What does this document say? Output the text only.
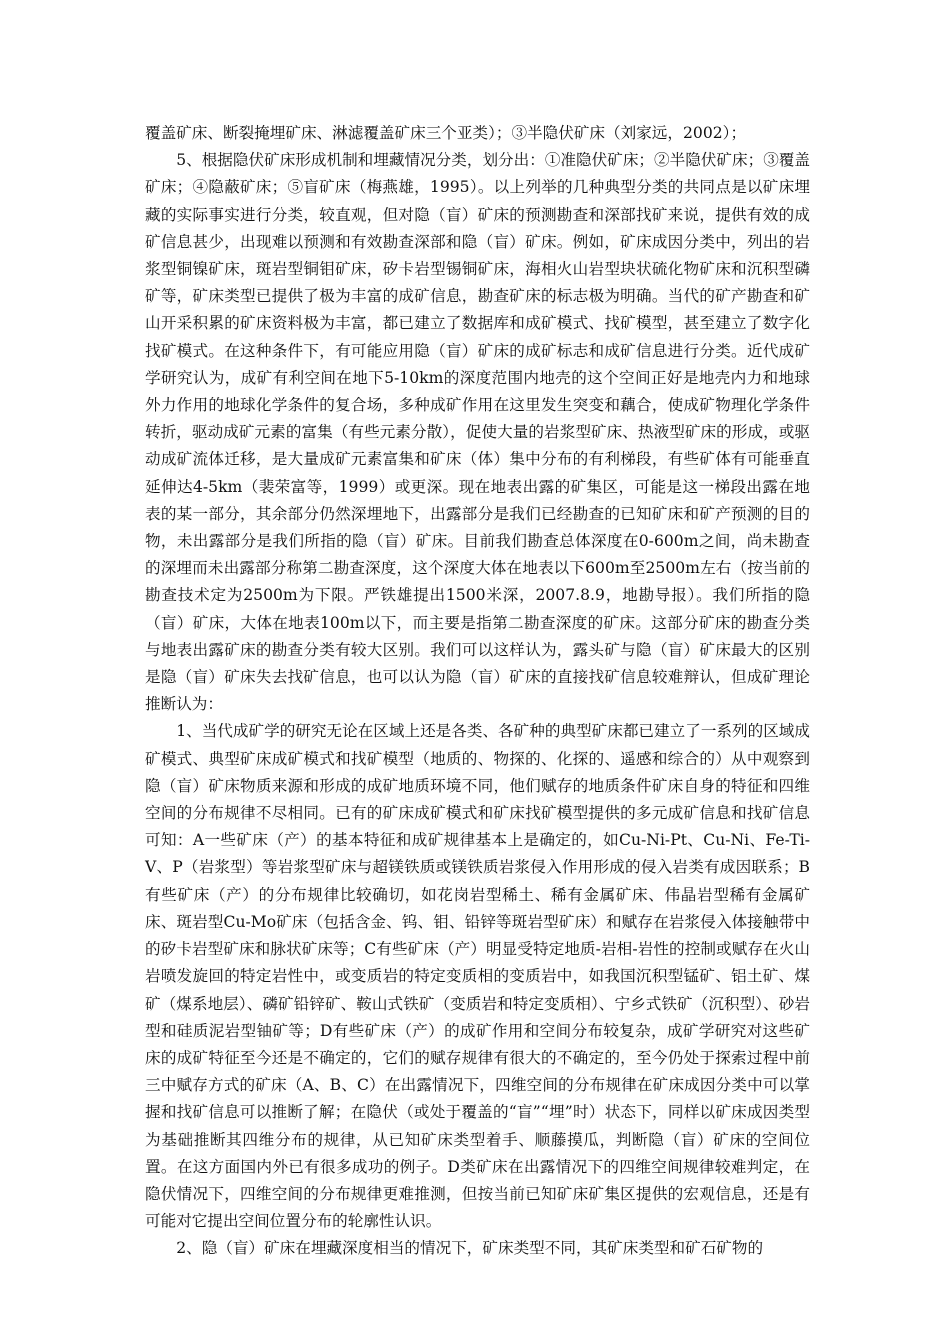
覆盖矿床、断裂掩埋矿床、淋滤覆盖矿床三个亚类）；③半隐伏矿床（刘家远，2002）；

5、根据隐伏矿床形成机制和埋藏情况分类，划分出：①准隐伏矿床；②半隐伏矿床；③覆盖矿床；④隐蔽矿床；⑤盲矿床（梅燕雄，1995）。以上列举的几种典型分类的共同点是以矿床埋藏的实际事实进行分类，较直观，但对隐（盲）矿床的预测勘查和深部找矿来说，提供有效的成矿信息甚少，出现难以预测和有效勘查深部和隐（盲）矿床。例如，矿床成因分类中，列出的岩浆型铜镍矿床，斑岩型铜钼矿床，矽卡岩型锡铜矿床，海相火山岩型块状硫化物矿床和沉积型磷矿等，矿床类型已提供了极为丰富的成矿信息，勘查矿床的标志极为明确。当代的矿产勘查和矿山开采积累的矿床资料极为丰富，都已建立了数据库和成矿模式、找矿模型，甚至建立了数字化找矿模式。在这种条件下，有可能应用隐（盲）矿床的成矿标志和成矿信息进行分类。近代成矿学研究认为，成矿有利空间在地下5-10km的深度范围内地壳的这个空间正好是地壳内力和地球外力作用的地球化学条件的复合场，多种成矿作用在这里发生突变和藕合，使成矿物理化学条件转折，驱动成矿元素的富集（有些元素分散），促使大量的岩浆型矿床、热液型矿床的形成，或驱动成矿流体迁移，是大量成矿元素富集和矿床（体）集中分布的有利梯段，有些矿体有可能垂直延伸达4-5km（裴荣富等，1999）或更深。现在地表出露的矿集区，可能是这一梯段出露在地表的某一部分，其余部分仍然深埋地下，出露部分是我们已经勘查的已知矿床和矿产预测的目的物，未出露部分是我们所指的隐（盲）矿床。目前我们勘查总体深度在0-600m之间，尚未勘查的深埋而未出露部分称第二勘查深度，这个深度大体在地表以下600m至2500m左右（按当前的勘查技术定为2500m为下限。严铁雄提出1500米深，2007.8.9，地勘导报）。我们所指的隐（盲）矿床，大体在地表100m以下，而主要是指第二勘查深度的矿床。这部分矿床的勘查分类与地表出露矿床的勘查分类有较大区别。我们可以这样认为，露头矿与隐（盲）矿床最大的区别是隐（盲）矿床失去找矿信息，也可以认为隐（盲）矿床的直接找矿信息较难辩认，但成矿理论推断认为：

1、当代成矿学的研究无论在区域上还是各类、各矿种的典型矿床都已建立了一系列的区域成矿模式、典型矿床成矿模式和找矿模型（地质的、物探的、化探的、遥感和综合的）从中观察到隐（盲）矿床物质来源和形成的成矿地质环境不同，他们赋存的地质条件矿床自身的特征和四维空间的分布规律不尽相同。已有的矿床成矿模式和矿床找矿模型提供的多元成矿信息和找矿信息可知：A一些矿床（产）的基本特征和成矿规律基本上是确定的，如Cu-Ni-Pt、Cu-Ni、Fe-Ti-V、P（岩浆型）等岩浆型矿床与超镁铁质或镁铁质岩浆侵入作用形成的侵入岩类有成因联系；B有些矿床（产）的分布规律比较确切，如花岗岩型稀土、稀有金属矿床、伟晶岩型稀有金属矿床、斑岩型Cu-Mo矿床（包括含金、钨、钼、铅锌等斑岩型矿床）和赋存在岩浆侵入体接触带中的矽卡岩型矿床和脉状矿床等；C有些矿床（产）明显受特定地质-岩相-岩性的控制或赋存在火山岩喷发旋回的特定岩性中，或变质岩的特定变质相的变质岩中，如我国沉积型锰矿、铝土矿、煤矿（煤系地层）、磷矿铅锌矿、鞍山式铁矿（变质岩和特定变质相）、宁乡式铁矿（沉积型）、砂岩型和硅质泥岩型铀矿等；D有些矿床（产）的成矿作用和空间分布较复杂，成矿学研究对这些矿床的成矿特征至今还是不确定的，它们的赋存规律有很大的不确定的，至今仍处于探索过程中前三中赋存方式的矿床（A、B、C）在出露情况下，四维空间的分布规律在矿床成因分类中可以掌握和找矿信息可以推断了解；在隐伏（或处于覆盖的“盲”“埋”时）状态下，同样以矿床成因类型为基础推断其四维分布的规律，从已知矿床类型着手、顺藤摸瓜，判断隐（盲）矿床的空间位置。在这方面国内外已有很多成功的例子。D类矿床在出露情况下的四维空间规律较难判定，在隐伏情况下，四维空间的分布规律更难推测，但按当前已知矿床矿集区提供的宏观信息，还是有可能对它提出空间位置分布的轮廓性认识。

2、隐（盲）矿床在埋藏深度相当的情况下，矿床类型不同，其矿床类型和矿石矿物的
